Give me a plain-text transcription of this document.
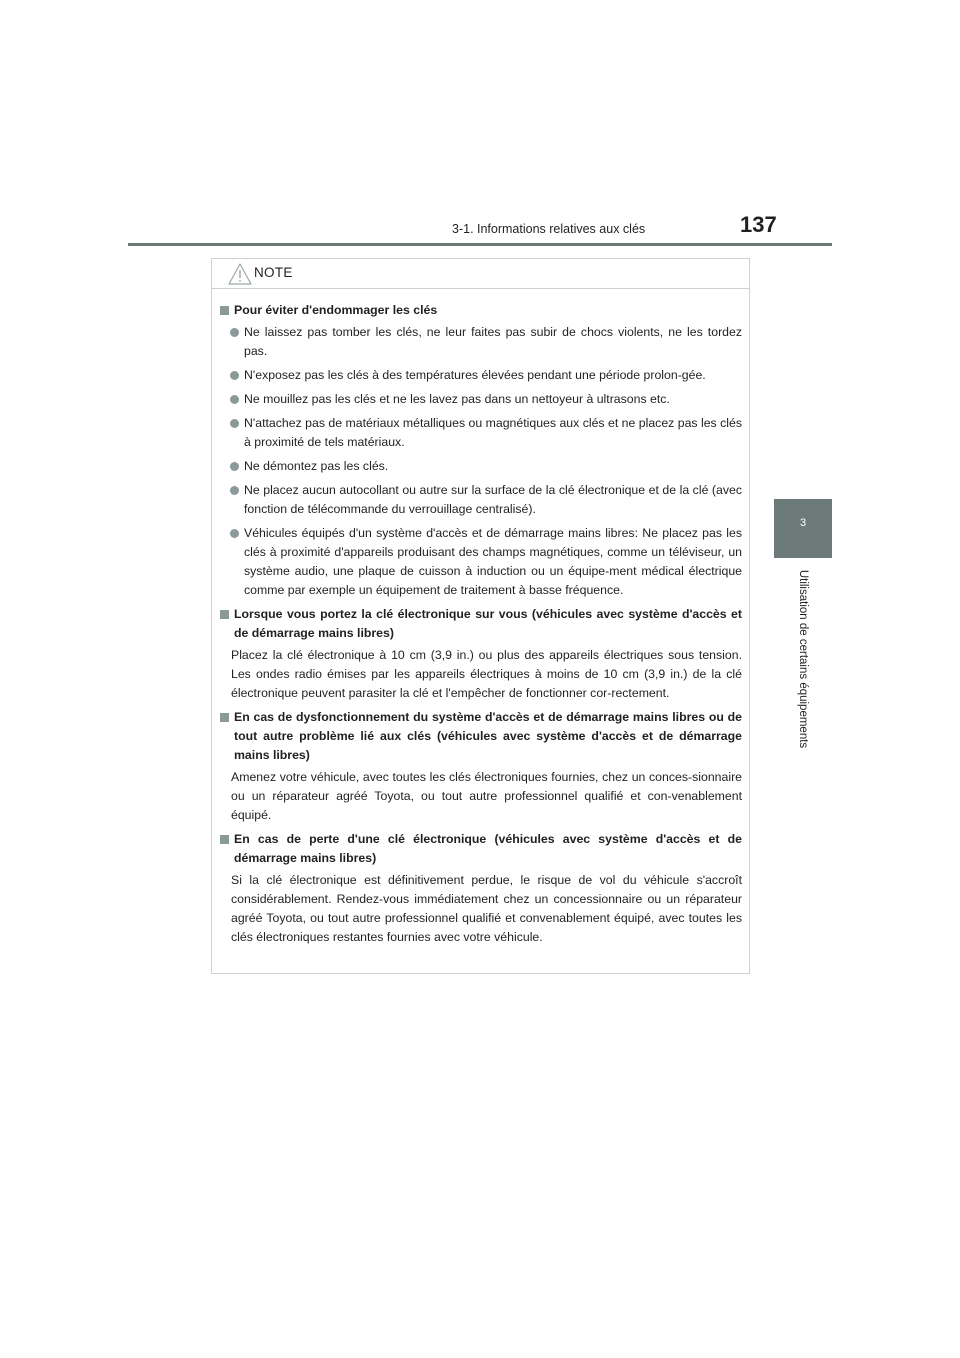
3-1. Informations relatives aux clés	137
3
Utilisation de certains équipements
NOTE
Pour éviter d'endommager les clés
Ne laissez pas tomber les clés, ne leur faites pas subir de chocs violents, ne les tordez pas.
N'exposez pas les clés à des températures élevées pendant une période prolon-gée.
Ne mouillez pas les clés et ne les lavez pas dans un nettoyeur à ultrasons etc.
N'attachez pas de matériaux métalliques ou magnétiques aux clés et ne placez pas les clés à proximité de tels matériaux.
Ne démontez pas les clés.
Ne placez aucun autocollant ou autre sur la surface de la clé électronique et de la clé (avec fonction de télécommande du verrouillage centralisé).
Véhicules équipés d'un système d'accès et de démarrage mains libres: Ne placez pas les clés à proximité d'appareils produisant des champs magnétiques, comme un téléviseur, un système audio, une plaque de cuisson à induction ou un équipe-ment médical électrique comme par exemple un équipement de traitement à basse fréquence.
Lorsque vous portez la clé électronique sur vous (véhicules avec système d'accès et de démarrage mains libres)
Placez la clé électronique à 10 cm (3,9 in.) ou plus des appareils électriques sous tension. Les ondes radio émises par les appareils électriques à moins de 10 cm (3,9 in.) de la clé électronique peuvent parasiter la clé et l'empêcher de fonctionner cor-rectement.
En cas de dysfonctionnement du système d'accès et de démarrage mains libres ou de tout autre problème lié aux clés (véhicules avec système d'accès et de démarrage mains libres)
Amenez votre véhicule, avec toutes les clés électroniques fournies, chez un conces-sionnaire ou un réparateur agréé Toyota, ou tout autre professionnel qualifié et con-venablement équipé.
En cas de perte d'une clé électronique (véhicules avec système d'accès et de démarrage mains libres)
Si la clé électronique est définitivement perdue, le risque de vol du véhicule s'accroît considérablement. Rendez-vous immédiatement chez un concessionnaire ou un réparateur agréé Toyota, ou tout autre professionnel qualifié et convenablement équipé, avec toutes les clés électroniques restantes fournies avec votre véhicule.
